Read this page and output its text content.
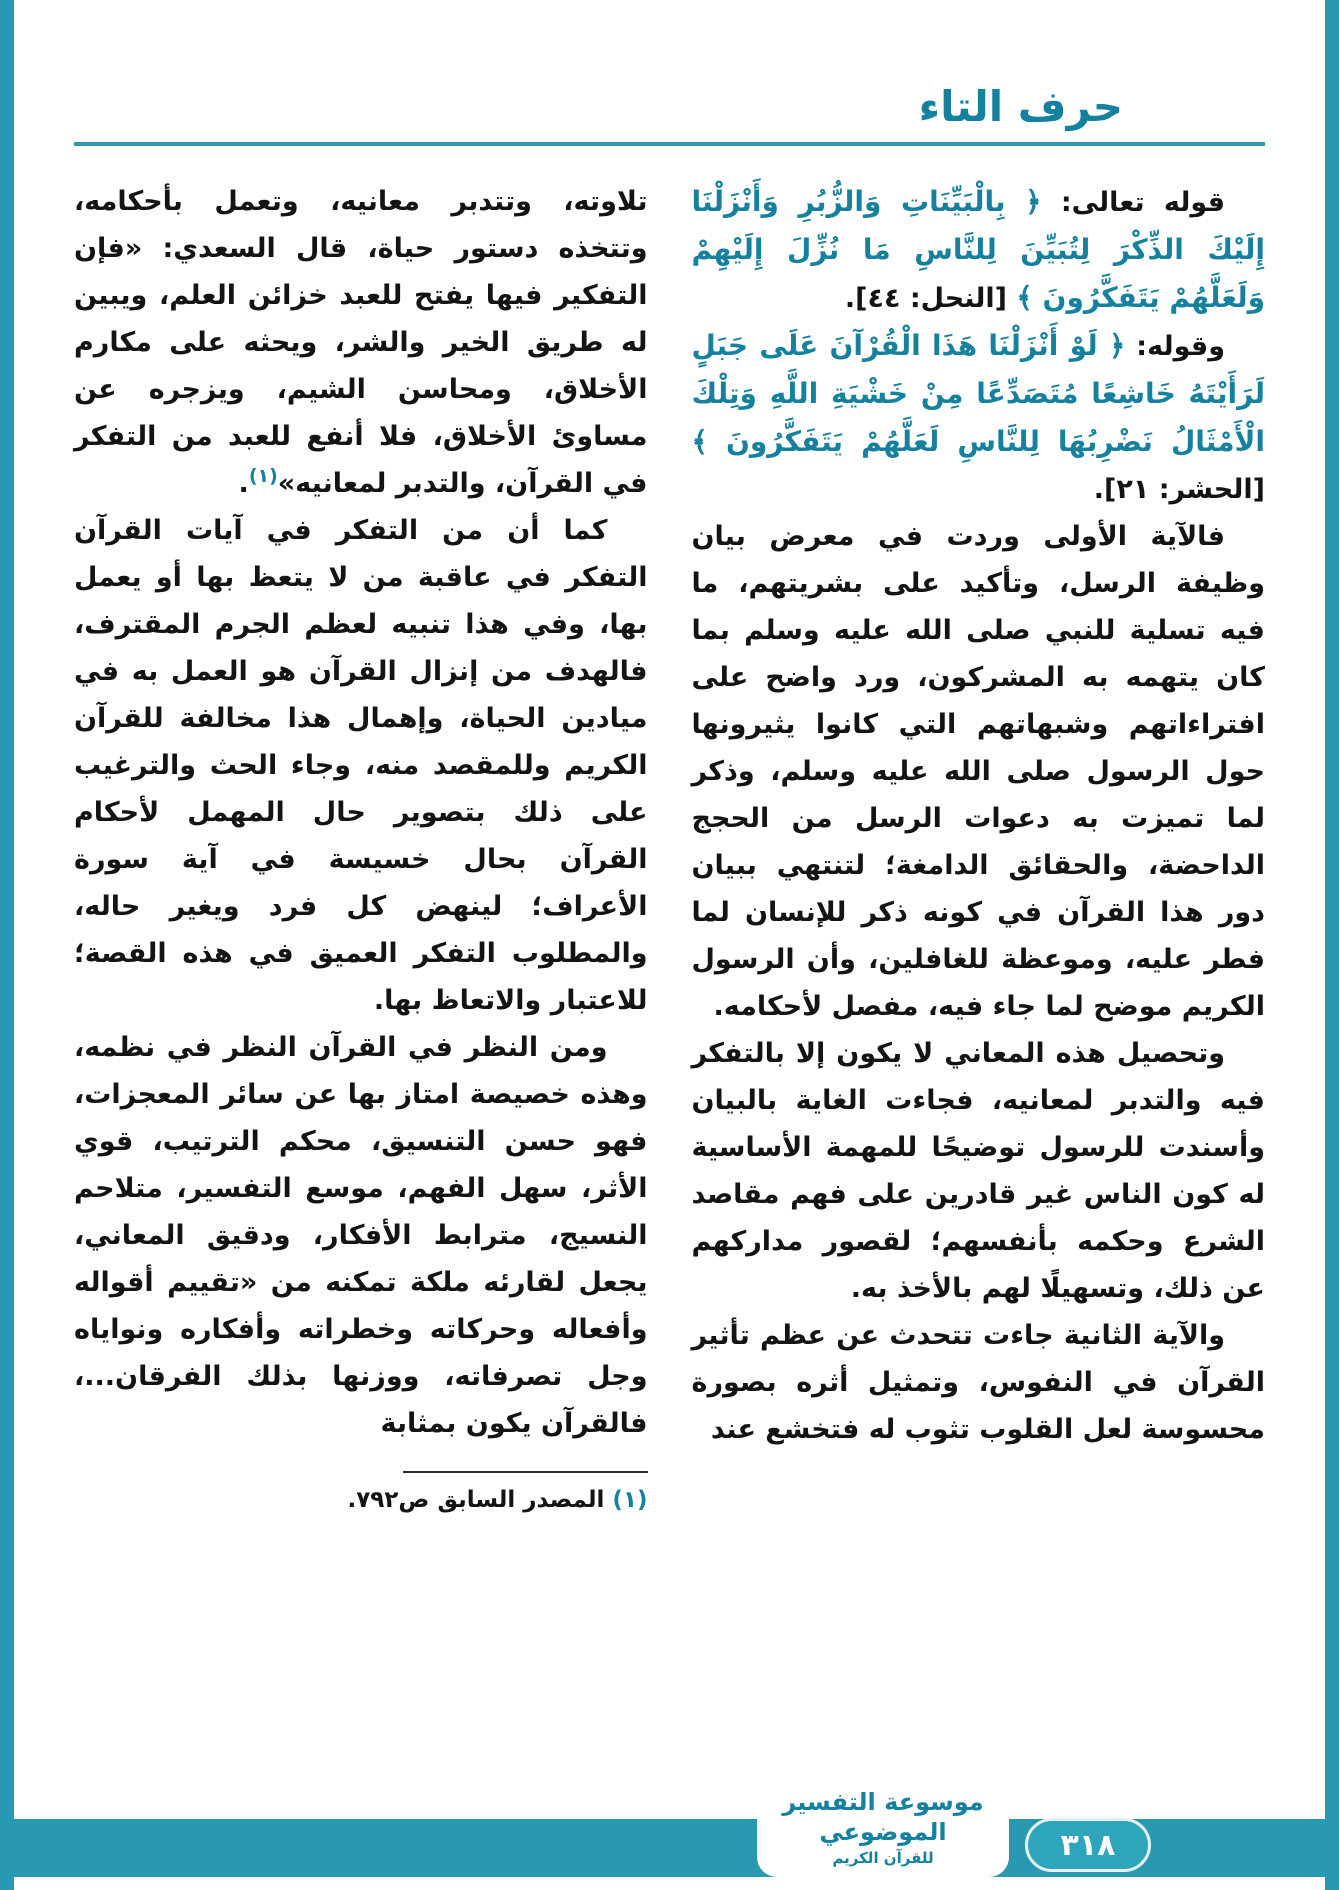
حرف التاء

قوله تعالى: ﴿ بِالْبَيِّنَاتِ وَالزُّبُرِ وَأَنْزَلْنَا إِلَيْكَ الذِّكْرَ لِتُبَيِّنَ لِلنَّاسِ مَا نُزِّلَ إِلَيْهِمْ وَلَعَلَّهُمْ يَتَفَكَّرُونَ ﴾ [النحل: ٤٤].

وقوله: ﴿ لَوْ أَنْزَلْنَا هَذَا الْقُرْآنَ عَلَى جَبَلٍ لَرَأَيْتَهُ خَاشِعًا مُتَصَدِّعًا مِنْ خَشْيَةِ اللَّهِ وَتِلْكَ الْأَمْثَالُ نَضْرِبُهَا لِلنَّاسِ لَعَلَّهُمْ يَتَفَكَّرُونَ ﴾ [الحشر: ٢١].

فالآية الأولى وردت في معرض بيان وظيفة الرسل، وتأكيد على بشريتهم، ما فيه تسلية للنبي صلى الله عليه وسلم بما كان يتهمه به المشركون، ورد واضح على افتراءاتهم وشبهاتهم التي كانوا يثيرونها حول الرسول صلى الله عليه وسلم، وذكر لما تميزت به دعوات الرسل من الحجج الداحضة، والحقائق الدامغة؛ لتنتهي ببيان دور هذا القرآن في كونه ذكر للإنسان لما فطر عليه، وموعظة للغافلين، وأن الرسول الكريم موضح لما جاء فيه، مفصل لأحكامه.

وتحصيل هذه المعاني لا يكون إلا بالتفكر فيه والتدبر لمعانيه، فجاءت الغاية بالبيان وأسندت للرسول توضيحًا للمهمة الأساسية له كون الناس غير قادرين على فهم مقاصد الشرع وحكمه بأنفسهم؛ لقصور مداركهم عن ذلك، وتسهيلًا لهم بالأخذ به.

والآية الثانية جاءت تتحدث عن عظم تأثير القرآن في النفوس، وتمثيل أثره بصورة محسوسة لعل القلوب تثوب له فتخشع عند

تلاوته، وتتدبر معانيه، وتعمل بأحكامه، وتتخذه دستور حياة، قال السعدي: «فإن التفكير فيها يفتح للعبد خزائن العلم، ويبين له طريق الخير والشر، ويحثه على مكارم الأخلاق، ومحاسن الشيم، ويزجره عن مساوئ الأخلاق، فلا أنفع للعبد من التفكر في القرآن، والتدبر لمعانيه»$^{(١)}$.

كما أن من التفكر في آيات القرآن التفكر في عاقبة من لا يتعظ بها أو يعمل بها، وفي هذا تنبيه لعظم الجرم المقترف، فالهدف من إنزال القرآن هو العمل به في ميادين الحياة، وإهمال هذا مخالفة للقرآن الكريم وللمقصد منه، وجاء الحث والترغيب على ذلك بتصوير حال المهمل لأحكام القرآن بحال خسيسة في آية سورة الأعراف؛ لينهض كل فرد ويغير حاله، والمطلوب التفكر العميق في هذه القصة؛ للاعتبار والاتعاظ بها.

ومن النظر في القرآن النظر في نظمه، وهذه خصيصة امتاز بها عن سائر المعجزات، فهو حسن التنسيق، محكم الترتيب، قوي الأثر، سهل الفهم، موسع التفسير، متلاحم النسيج، مترابط الأفكار، ودقيق المعاني، يجعل لقارئه ملكة تمكنه من «تقييم أقواله وأفعاله وحركاته وخطراته وأفكاره ونواياه وجل تصرفاته، ووزنها بذلك الفرقان...، فالقرآن يكون بمثابة

(١) المصدر السابق ص٧٩٢.

موسوعة التفسير الموضوعي
للقرآن الكريم	٣١٨
